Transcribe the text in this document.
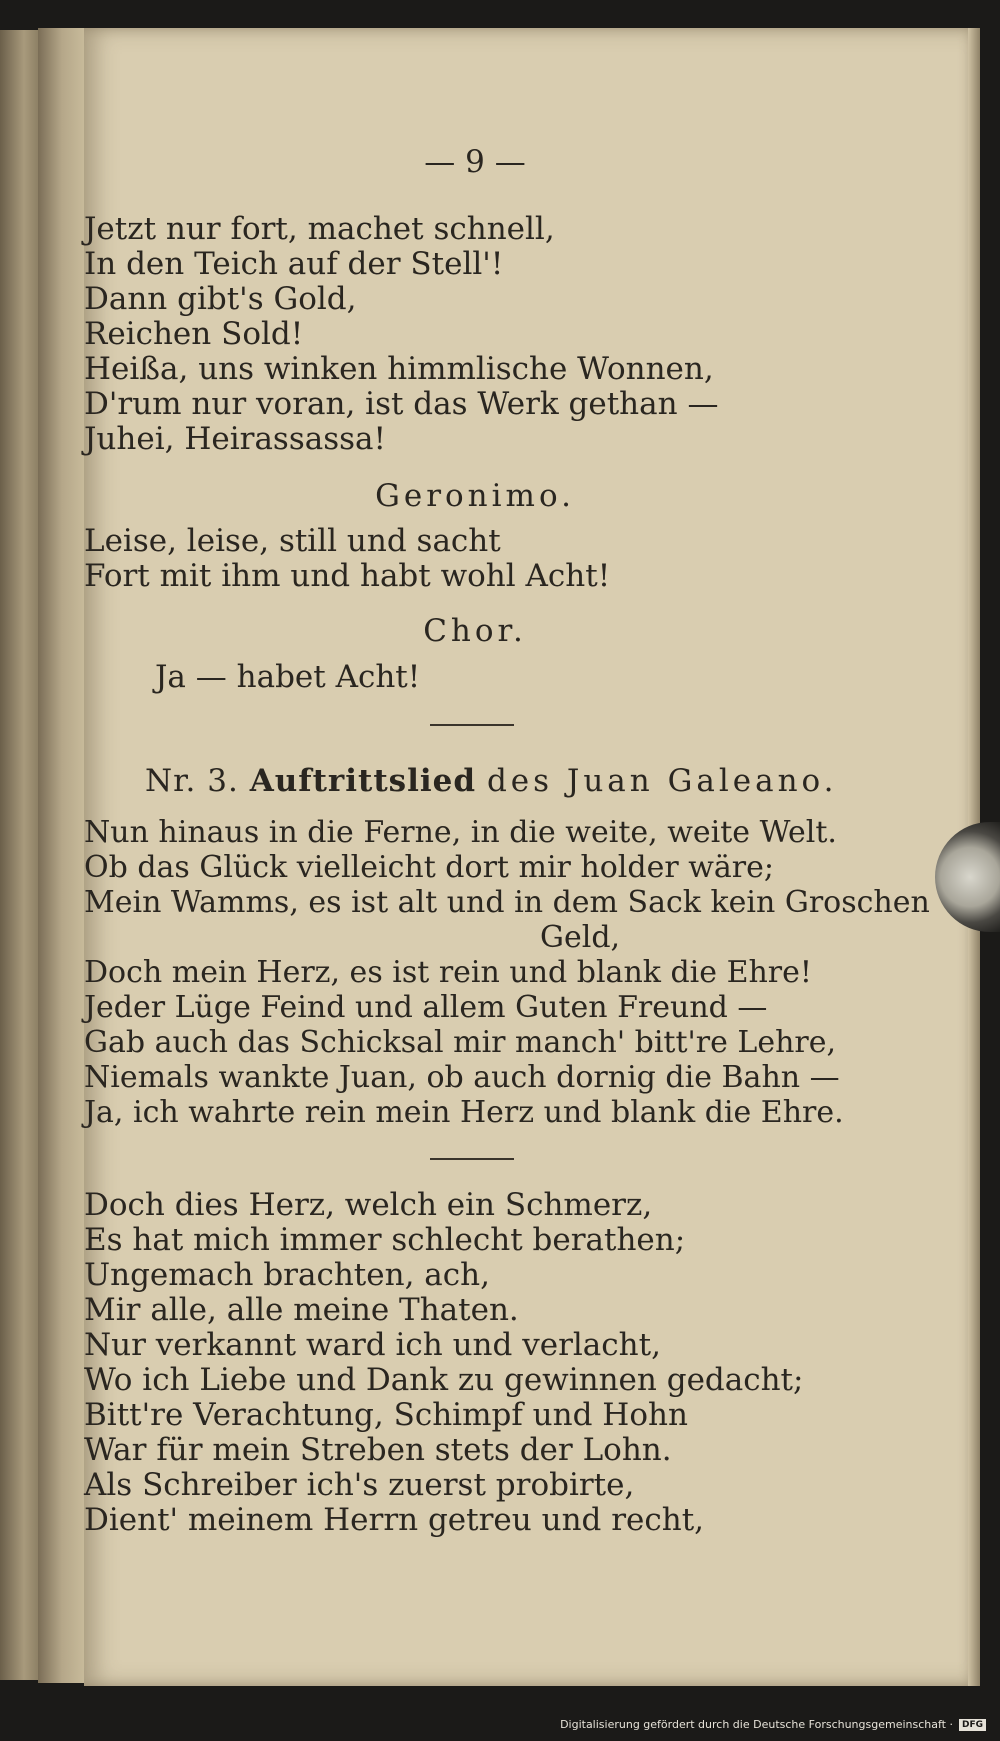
— 9 —
Jetzt nur fort, machet schnell,
In den Teich auf der Stell'!
Dann gibt's Gold,
Reichen Sold!
Heißa, uns winken himmlische Wonnen,
D'rum nur voran, ist das Werk gethan —
Juhei, Heirassassa!
Geronimo.
Leise, leise, still und sacht
Fort mit ihm und habt wohl Acht!
Chor.
Ja — habet Acht!
Nr. 3. Auftrittslied des Juan Galeano.
Nun hinaus in die Ferne, in die weite, weite Welt.
Ob das Glück vielleicht dort mir holder wäre;
Mein Wamms, es ist alt und in dem Sack kein Groschen
Geld,
Doch mein Herz, es ist rein und blank die Ehre!
Jeder Lüge Feind und allem Guten Freund —
Gab auch das Schicksal mir manch' bitt're Lehre,
Niemals wankte Juan, ob auch dornig die Bahn —
Ja, ich wahrte rein mein Herz und blank die Ehre.
Doch dies Herz, welch ein Schmerz,
Es hat mich immer schlecht berathen;
Ungemach brachten, ach,
Mir alle, alle meine Thaten.
Nur verkannt ward ich und verlacht,
Wo ich Liebe und Dank zu gewinnen gedacht;
Bitt're Verachtung, Schimpf und Hohn
War für mein Streben stets der Lohn.
Als Schreiber ich's zuerst probirte,
Dient' meinem Herrn getreu und recht,
Digitalisierung gefördert durch die Deutsche Forschungsgemeinschaft ·	DFG
